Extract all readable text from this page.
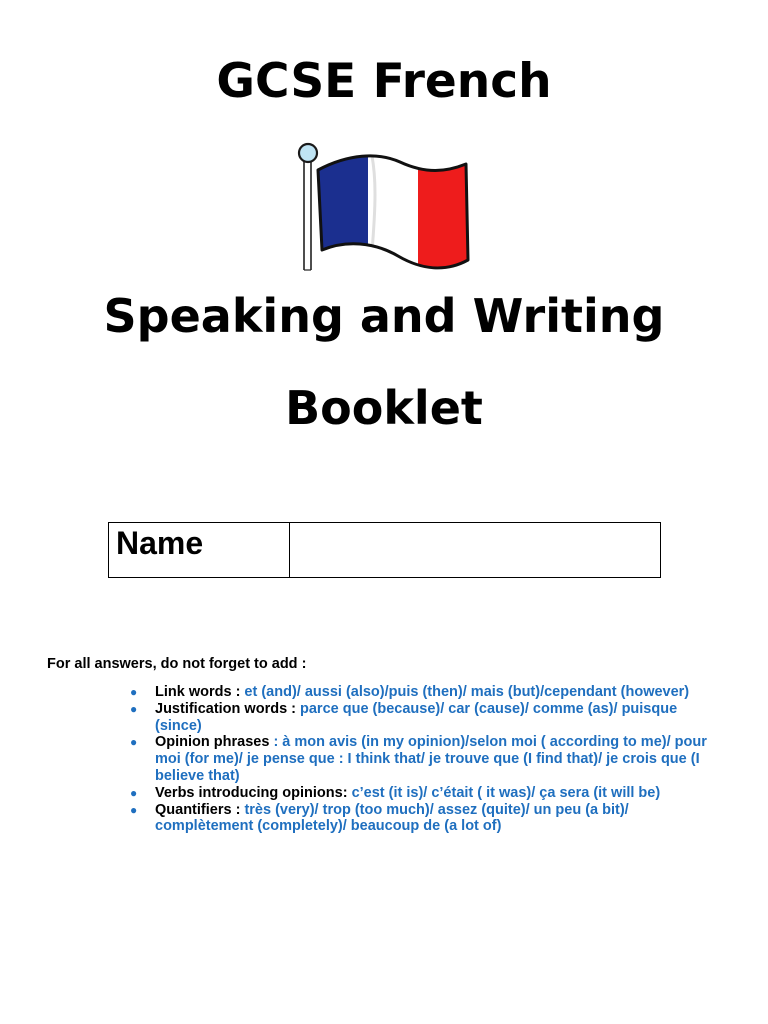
GCSE French
Speaking and Writing
Booklet
Name

For all answers, do not forget to add :
● Link words : et (and)/ aussi (also)/puis (then)/ mais (but)/cependant (however)
● Justification words : parce que (because)/ car (cause)/ comme (as)/ puisque (since)
● Opinion phrases : à mon avis (in my opinion)/selon moi ( according to me)/ pour moi (for me)/ je pense que : I think that/ je trouve que (I find that)/ je crois que (I believe that)
● Verbs introducing opinions: c’est (it is)/ c’était ( it was)/ ça sera (it will be)
● Quantifiers : très (very)/ trop (too much)/ assez (quite)/ un peu (a bit)/ complètement (completely)/ beaucoup de (a lot of)
